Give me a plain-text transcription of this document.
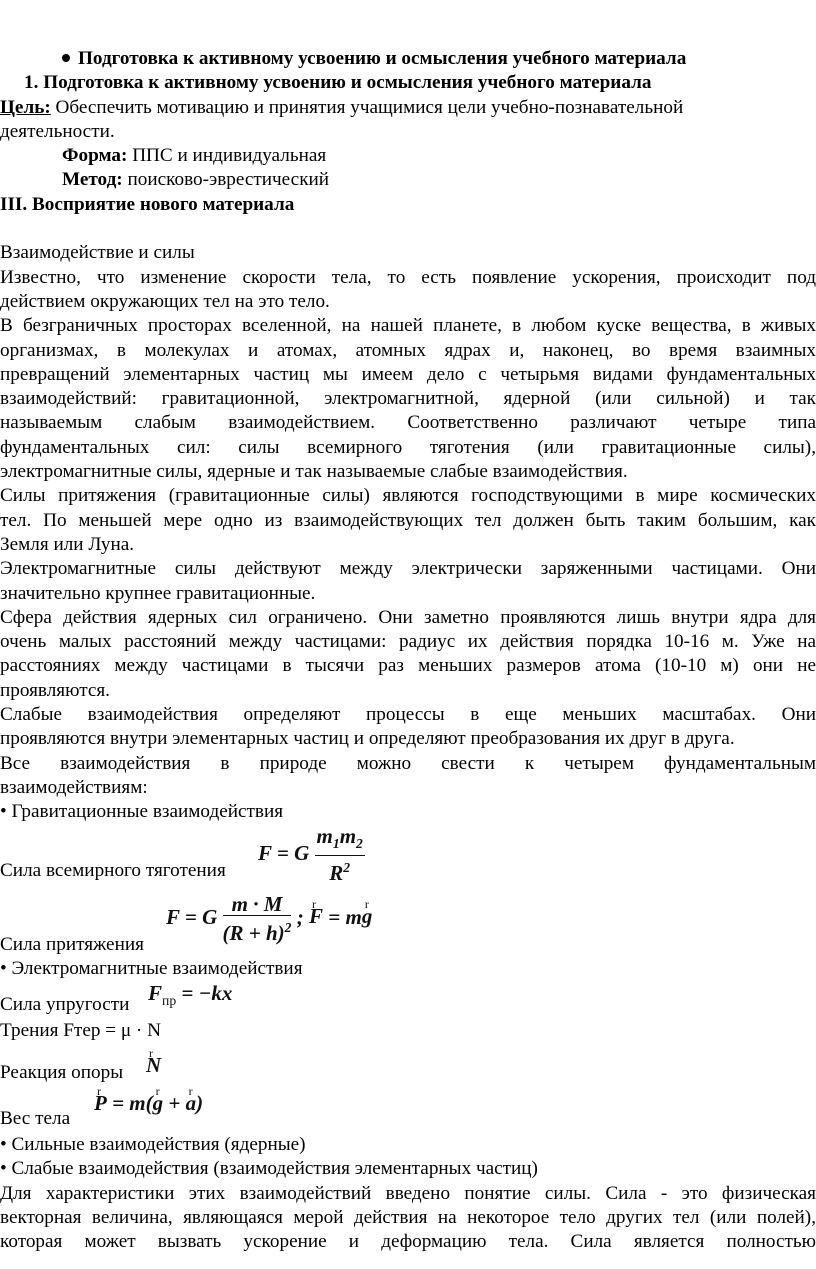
Подготовка к активному усвоению и осмысления учебного материала
1. Подготовка к активному усвоению и осмысления учебного материала
Цель: Обеспечить мотивацию и принятия учащимися цели учебно-познавательной
деятельности.
Форма: ППС и индивидуальная
Метод: поисково-эврестический
III. Восприятие нового материала
Взаимодействие и силы
Известно, что изменение скорости тела, то есть появление ускорения, происходит под
действием окружающих тел на это тело.
В безграничных просторах вселенной, на нашей планете, в любом куске вещества, в живых
организмах, в молекулах и атомах, атомных ядрах и, наконец, во время взаимных
превращений элементарных частиц мы имеем дело с четырьмя видами фундаментальных
взаимодействий: гравитационной, электромагнитной, ядерной (или сильной) и так
называемым слабым взаимодействием. Соответственно различают четыре типа
фундаментальных сил: силы всемирного тяготения (или гравитационные силы),
электромагнитные силы, ядерные и так называемые слабые взаимодействия.
Силы притяжения (гравитационные силы) являются господствующими в мире космических
тел. По меньшей мере одно из взаимодействующих тел должен быть таким большим, как
Земля или Луна.
Электромагнитные силы действуют между электрически заряженными частицами. Они
значительно крупнее гравитационные.
Сфера действия ядерных сил ограничено. Они заметно проявляются лишь внутри ядра для
очень малых расстояний между частицами: радиус их действия порядка 10-16 м. Уже на
расстояниях между частицами в тысячи раз меньших размеров атома (10-10 м) они не
проявляются.
Слабые взаимодействия определяют процессы в еще меньших масштабах. Они
проявляются внутри элементарных частиц и определяют преобразования их друг в друга.
Все взаимодействия в природе можно свести к четырем фундаментальным
взаимодействиям:
• Гравитационные взаимодействия
Сила всемирного тяготения
F = G $\frac{m_1m_2}{R^2}$
Сила притяжения
F = G $\frac{m \cdot M}{(R + h)^2}$ ; r F = mr g
• Электромагнитные взаимодействия
Сила упругости $F_{пр} = -kx$
Трения Fтер = μ · N
Реакция опоры
r N
Вес тела
r P = m(r g + r a)
• Сильные взаимодействия (ядерные)
• Слабые взаимодействия (взаимодействия элементарных частиц)
Для характеристики этих взаимодействий введено понятие силы. Сила - это физическая
векторная величина, являющаяся мерой действия на некоторое тело других тел (или полей),
которая может вызвать ускорение и деформацию тела. Сила является полностью
